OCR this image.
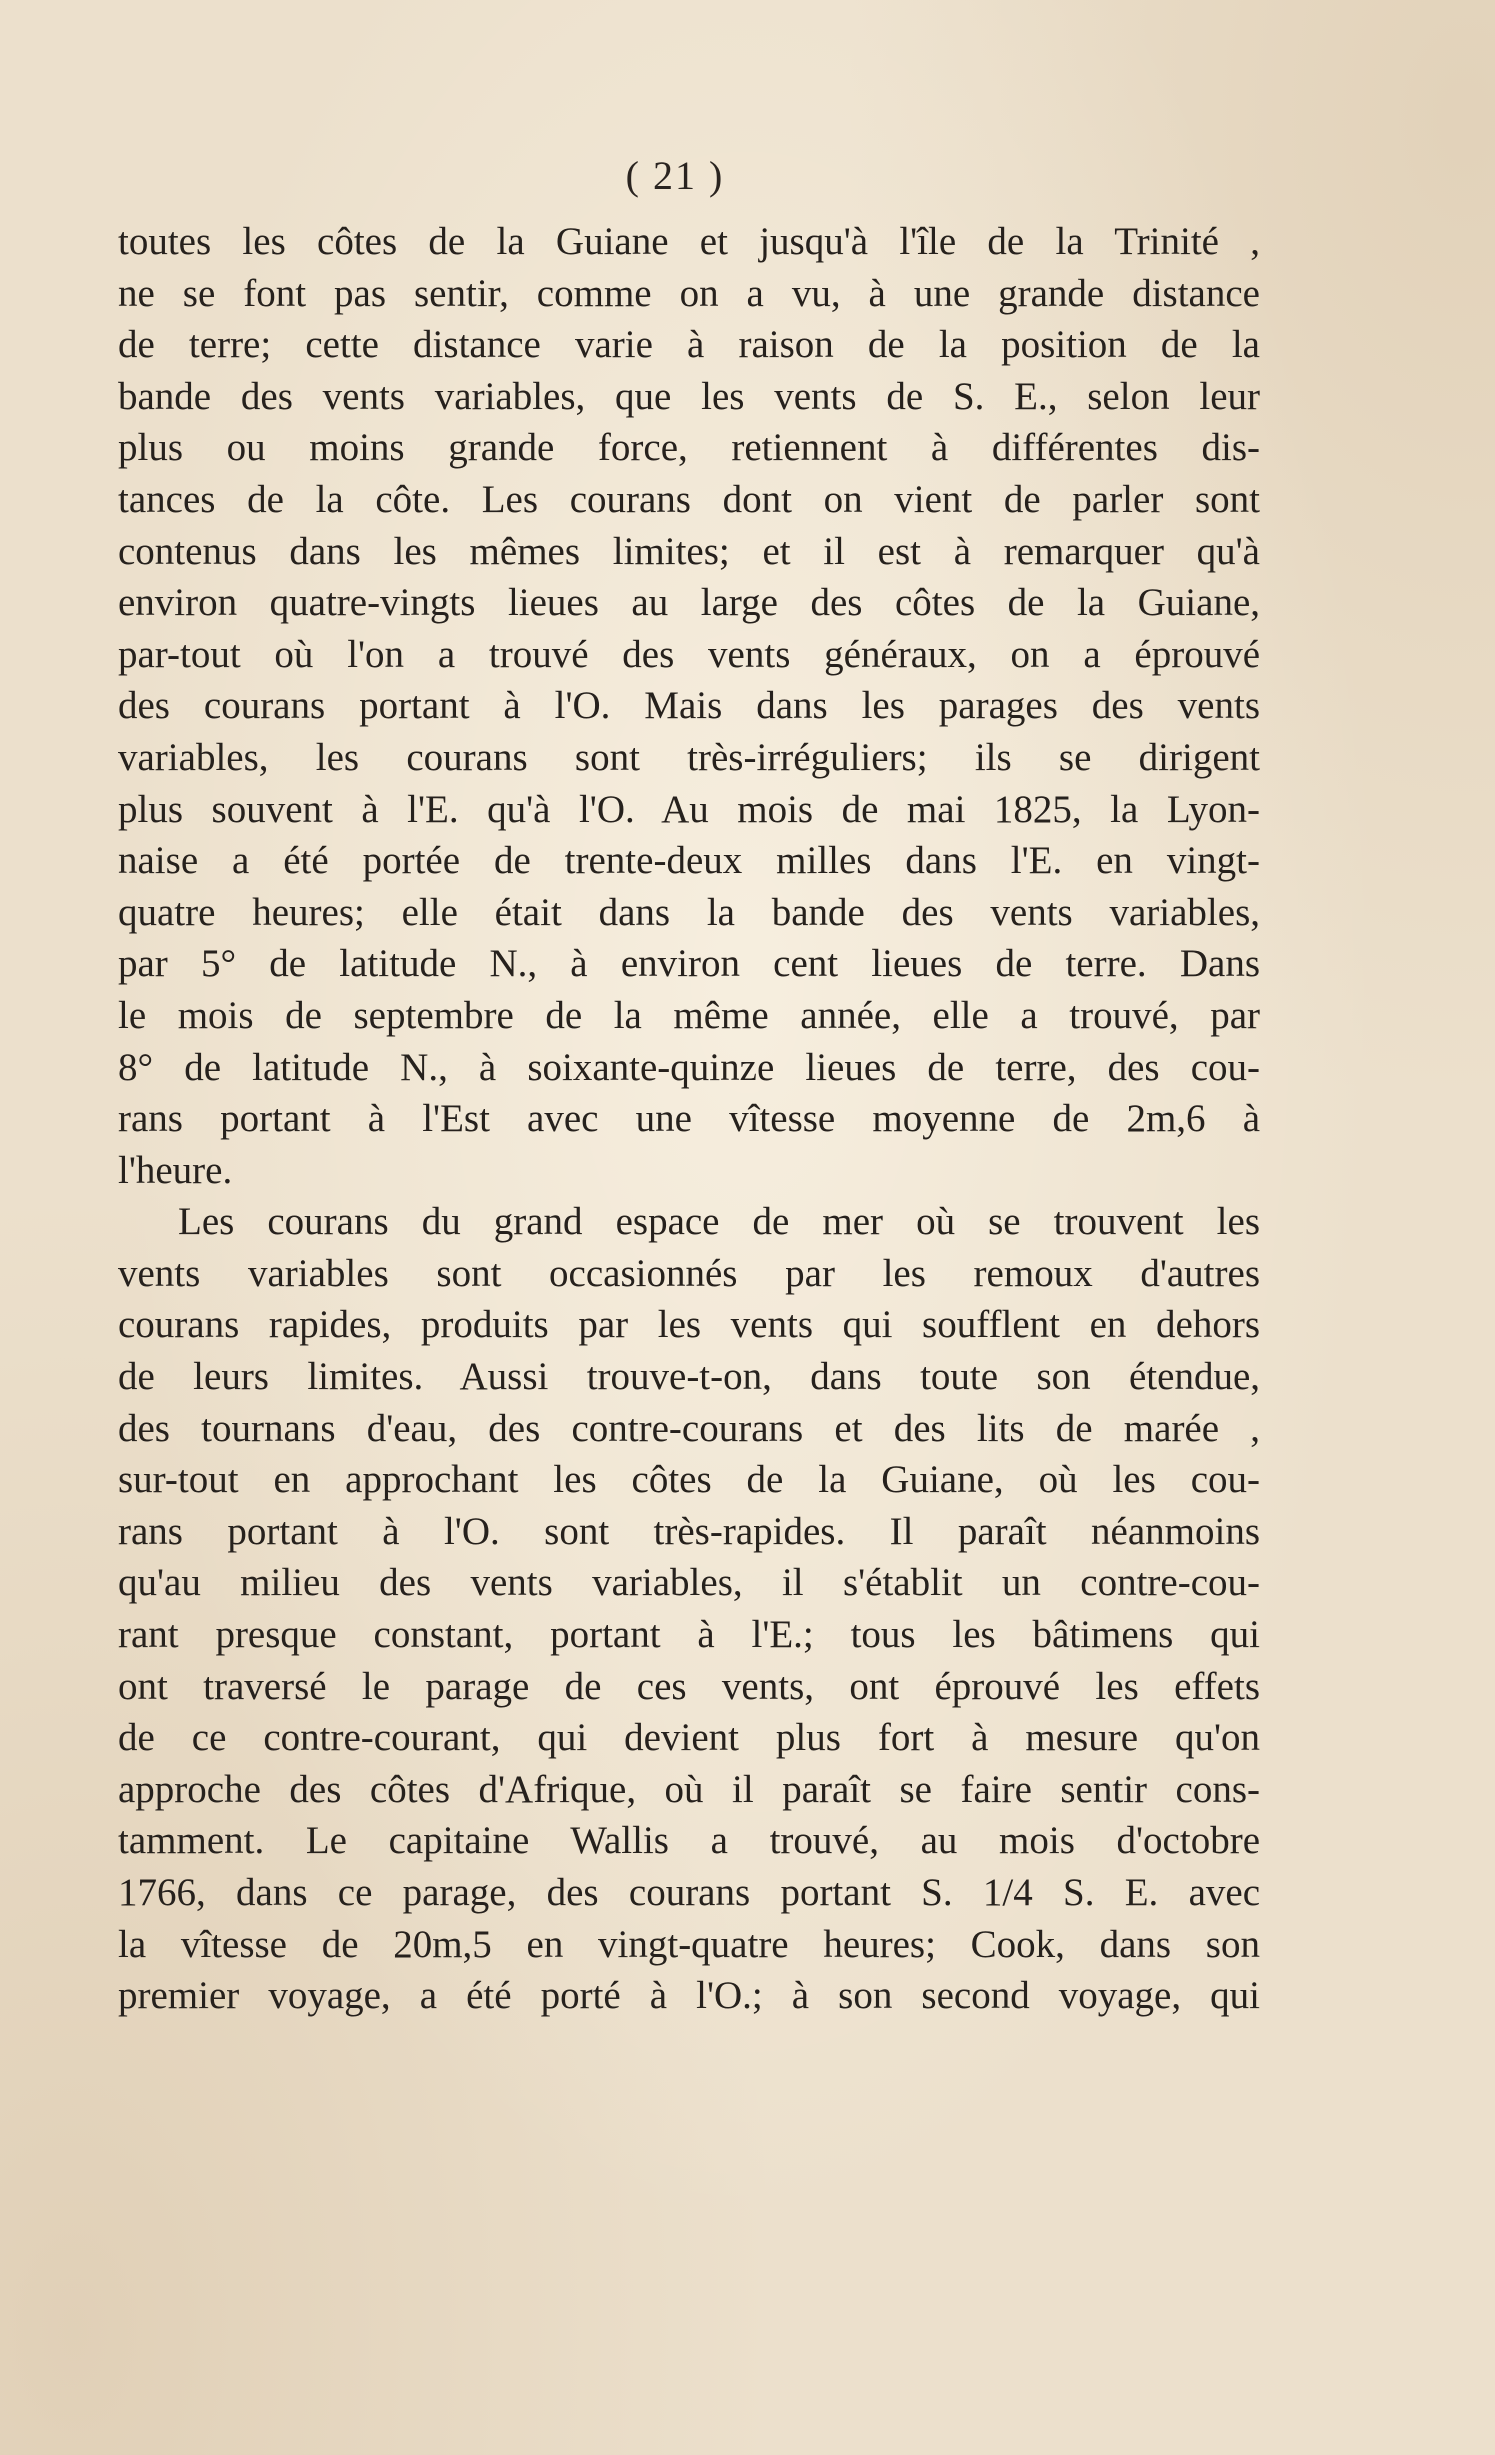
( 21 )
toutes les côtes de la Guiane et jusqu'à l'île de la Trinité ,
ne se font pas sentir, comme on a vu, à une grande distance
de terre; cette distance varie à raison de la position de la
bande des vents variables, que les vents de S. E., selon leur
plus ou moins grande force, retiennent à différentes dis-
tances de la côte. Les courans dont on vient de parler sont
contenus dans les mêmes limites; et il est à remarquer qu'à
environ quatre-vingts lieues au large des côtes de la Guiane,
par-tout où l'on a trouvé des vents généraux, on a éprouvé
des courans portant à l'O. Mais dans les parages des vents
variables, les courans sont très-irréguliers; ils se dirigent
plus souvent à l'E. qu'à l'O. Au mois de mai 1825, la Lyon-
naise a été portée de trente-deux milles dans l'E. en vingt-
quatre heures; elle était dans la bande des vents variables,
par 5° de latitude N., à environ cent lieues de terre. Dans
le mois de septembre de la même année, elle a trouvé, par
8° de latitude N., à soixante-quinze lieues de terre, des cou-
rans portant à l'Est avec une vîtesse moyenne de 2m,6 à
l'heure.
Les courans du grand espace de mer où se trouvent les
vents variables sont occasionnés par les remoux d'autres
courans rapides, produits par les vents qui soufflent en dehors
de leurs limites. Aussi trouve-t-on, dans toute son étendue,
des tournans d'eau, des contre-courans et des lits de marée ,
sur-tout en approchant les côtes de la Guiane, où les cou-
rans portant à l'O. sont très-rapides. Il paraît néanmoins
qu'au milieu des vents variables, il s'établit un contre-cou-
rant presque constant, portant à l'E.; tous les bâtimens qui
ont traversé le parage de ces vents, ont éprouvé les effets
de ce contre-courant, qui devient plus fort à mesure qu'on
approche des côtes d'Afrique, où il paraît se faire sentir cons-
tamment. Le capitaine Wallis a trouvé, au mois d'octobre
1766, dans ce parage, des courans portant S. 1/4 S. E. avec
la vîtesse de 20m,5 en vingt-quatre heures; Cook, dans son
premier voyage, a été porté à l'O.; à son second voyage, qui
